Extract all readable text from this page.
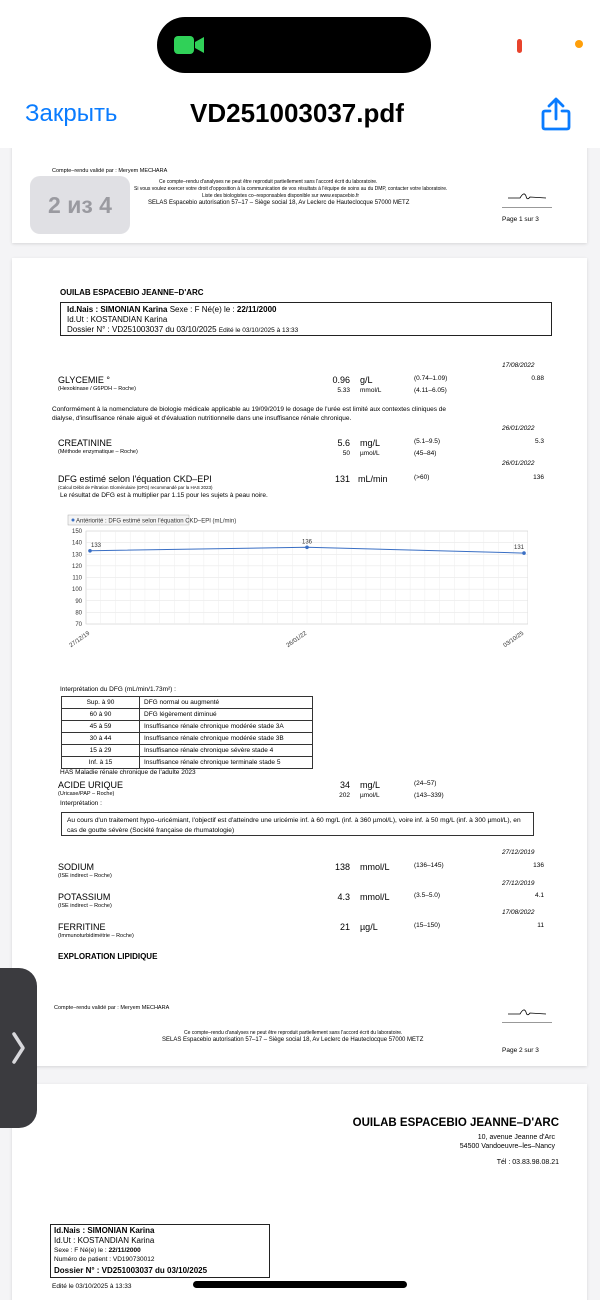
Закрыть	VD251003037.pdf
Compte–rendu validé par : Meryem MECHARA
Ce compte–rendu d'analyses ne peut être reproduit partiellement sans l'accord écrit du laboratoire.
Si vous voulez exercer votre droit d'opposition à la communication de vos résultats à l'équipe de soins au du DMP, contacter votre laboratoire.
Liste des biologistes co–responsables disponible sur www.espacebio.fr
SELAS Espacebio autorisation 57–17 – Siège social 18, Av Leclerc de Hauteclocque 57000 METZ
Page 1 sur 3
2 из 4
OUILAB ESPACEBIO JEANNE–D'ARC
Id.Nais : SIMONIAN Karina Sexe : F Né(e) le : 22/11/2000
Id.Ut : KOSTANDIAN Karina
Dossier N° : VD251003037 du 03/10/2025 Edité le 03/10/2025 à 13:33
17/08/2022
GLYCEMIE °
(Hexokinase / G6PDH – Roche)
0.96 g/L	(0.74–1.09)	0.88
5.33 mmol/L	(4.11–6.05)
Conformément à la nomenclature de biologie médicale applicable au 19/09/2019 le dosage de l'urée est limité aux contextes cliniques de
dialyse, d'insuffisance rénale aiguë et d'évaluation nutritionnelle dans une insuffisance rénale chronique.
26/01/2022
CREATININE
(Méthode enzymatique – Roche)
5.6 mg/L	(5.1–9.5)	5.3
50 µmol/L	(45–84)
26/01/2022
DFG estimé selon l'équation CKD–EPI
(Calcul Débit de Filtration Glomérulaire (DFG) recommandé par la HAS 2023)
131 mL/min	(>60)	136
Le résultat de DFG est à multiplier par 1.15 pour les sujets à peau noire.
Antériorité : DFG estimé selon l'équation CKD–EPI (mL/min)
150
140
130
120
110
100
90
80
70
27/12/19	26/01/22	03/10/25
133
136
131
Interprétation du DFG (mL/min/1.73m²) :
Sup. à 90	DFG normal ou augmenté
60 à 90	DFG légèrement diminué
45 à 59	Insuffisance rénale chronique modérée stade 3A
30 à 44	Insuffisance rénale chronique modérée stade 3B
15 à 29	Insuffisance rénale chronique sévère stade 4
Inf. à 15	Insuffisance rénale chronique terminale stade 5
HAS Maladie rénale chronique de l'adulte 2023
ACIDE URIQUE
(Uricase/PAP – Roche)
34 mg/L	(24–57)
202 µmol/L	(143–339)
Interprétation :
Au cours d'un traitement hypo–uricémiant, l'objectif est d'atteindre une uricémie inf. à 60 mg/L (inf. à 360 µmol/L), voire inf. à 50 mg/L (inf. à 300 µmol/L), en cas de goutte sévère (Société française de rhumatologie)
27/12/2019
SODIUM
(ISE indirect – Roche)
138 mmol/L	(136–145)	136
27/12/2019
POTASSIUM
(ISE indirect – Roche)
4.3 mmol/L	(3.5–5.0)	4.1
17/08/2022
FERRITINE
(Immunoturbidimétrie – Roche)
21 µg/L	(15–150)	11
EXPLORATION LIPIDIQUE
Compte–rendu validé par : Meryem MECHARA
Ce compte–rendu d'analyses ne peut être reproduit partiellement sans l'accord écrit du laboratoire.
SELAS Espacebio autorisation 57–17 – Siège social 18, Av Leclerc de Hauteclocque 57000 METZ
Page 2 sur 3
OUILAB ESPACEBIO JEANNE–D'ARC
10, avenue Jeanne d'Arc
54500 Vandoeuvre–les–Nancy
Tél : 03.83.98.08.21
Id.Nais : SIMONIAN Karina
Id.Ut : KOSTANDIAN Karina
Sexe : F Né(e) le : 22/11/2000
Numéro de patient : VD190730012
Dossier N° : VD251003037 du 03/10/2025
Edité le 03/10/2025 à 13:33
